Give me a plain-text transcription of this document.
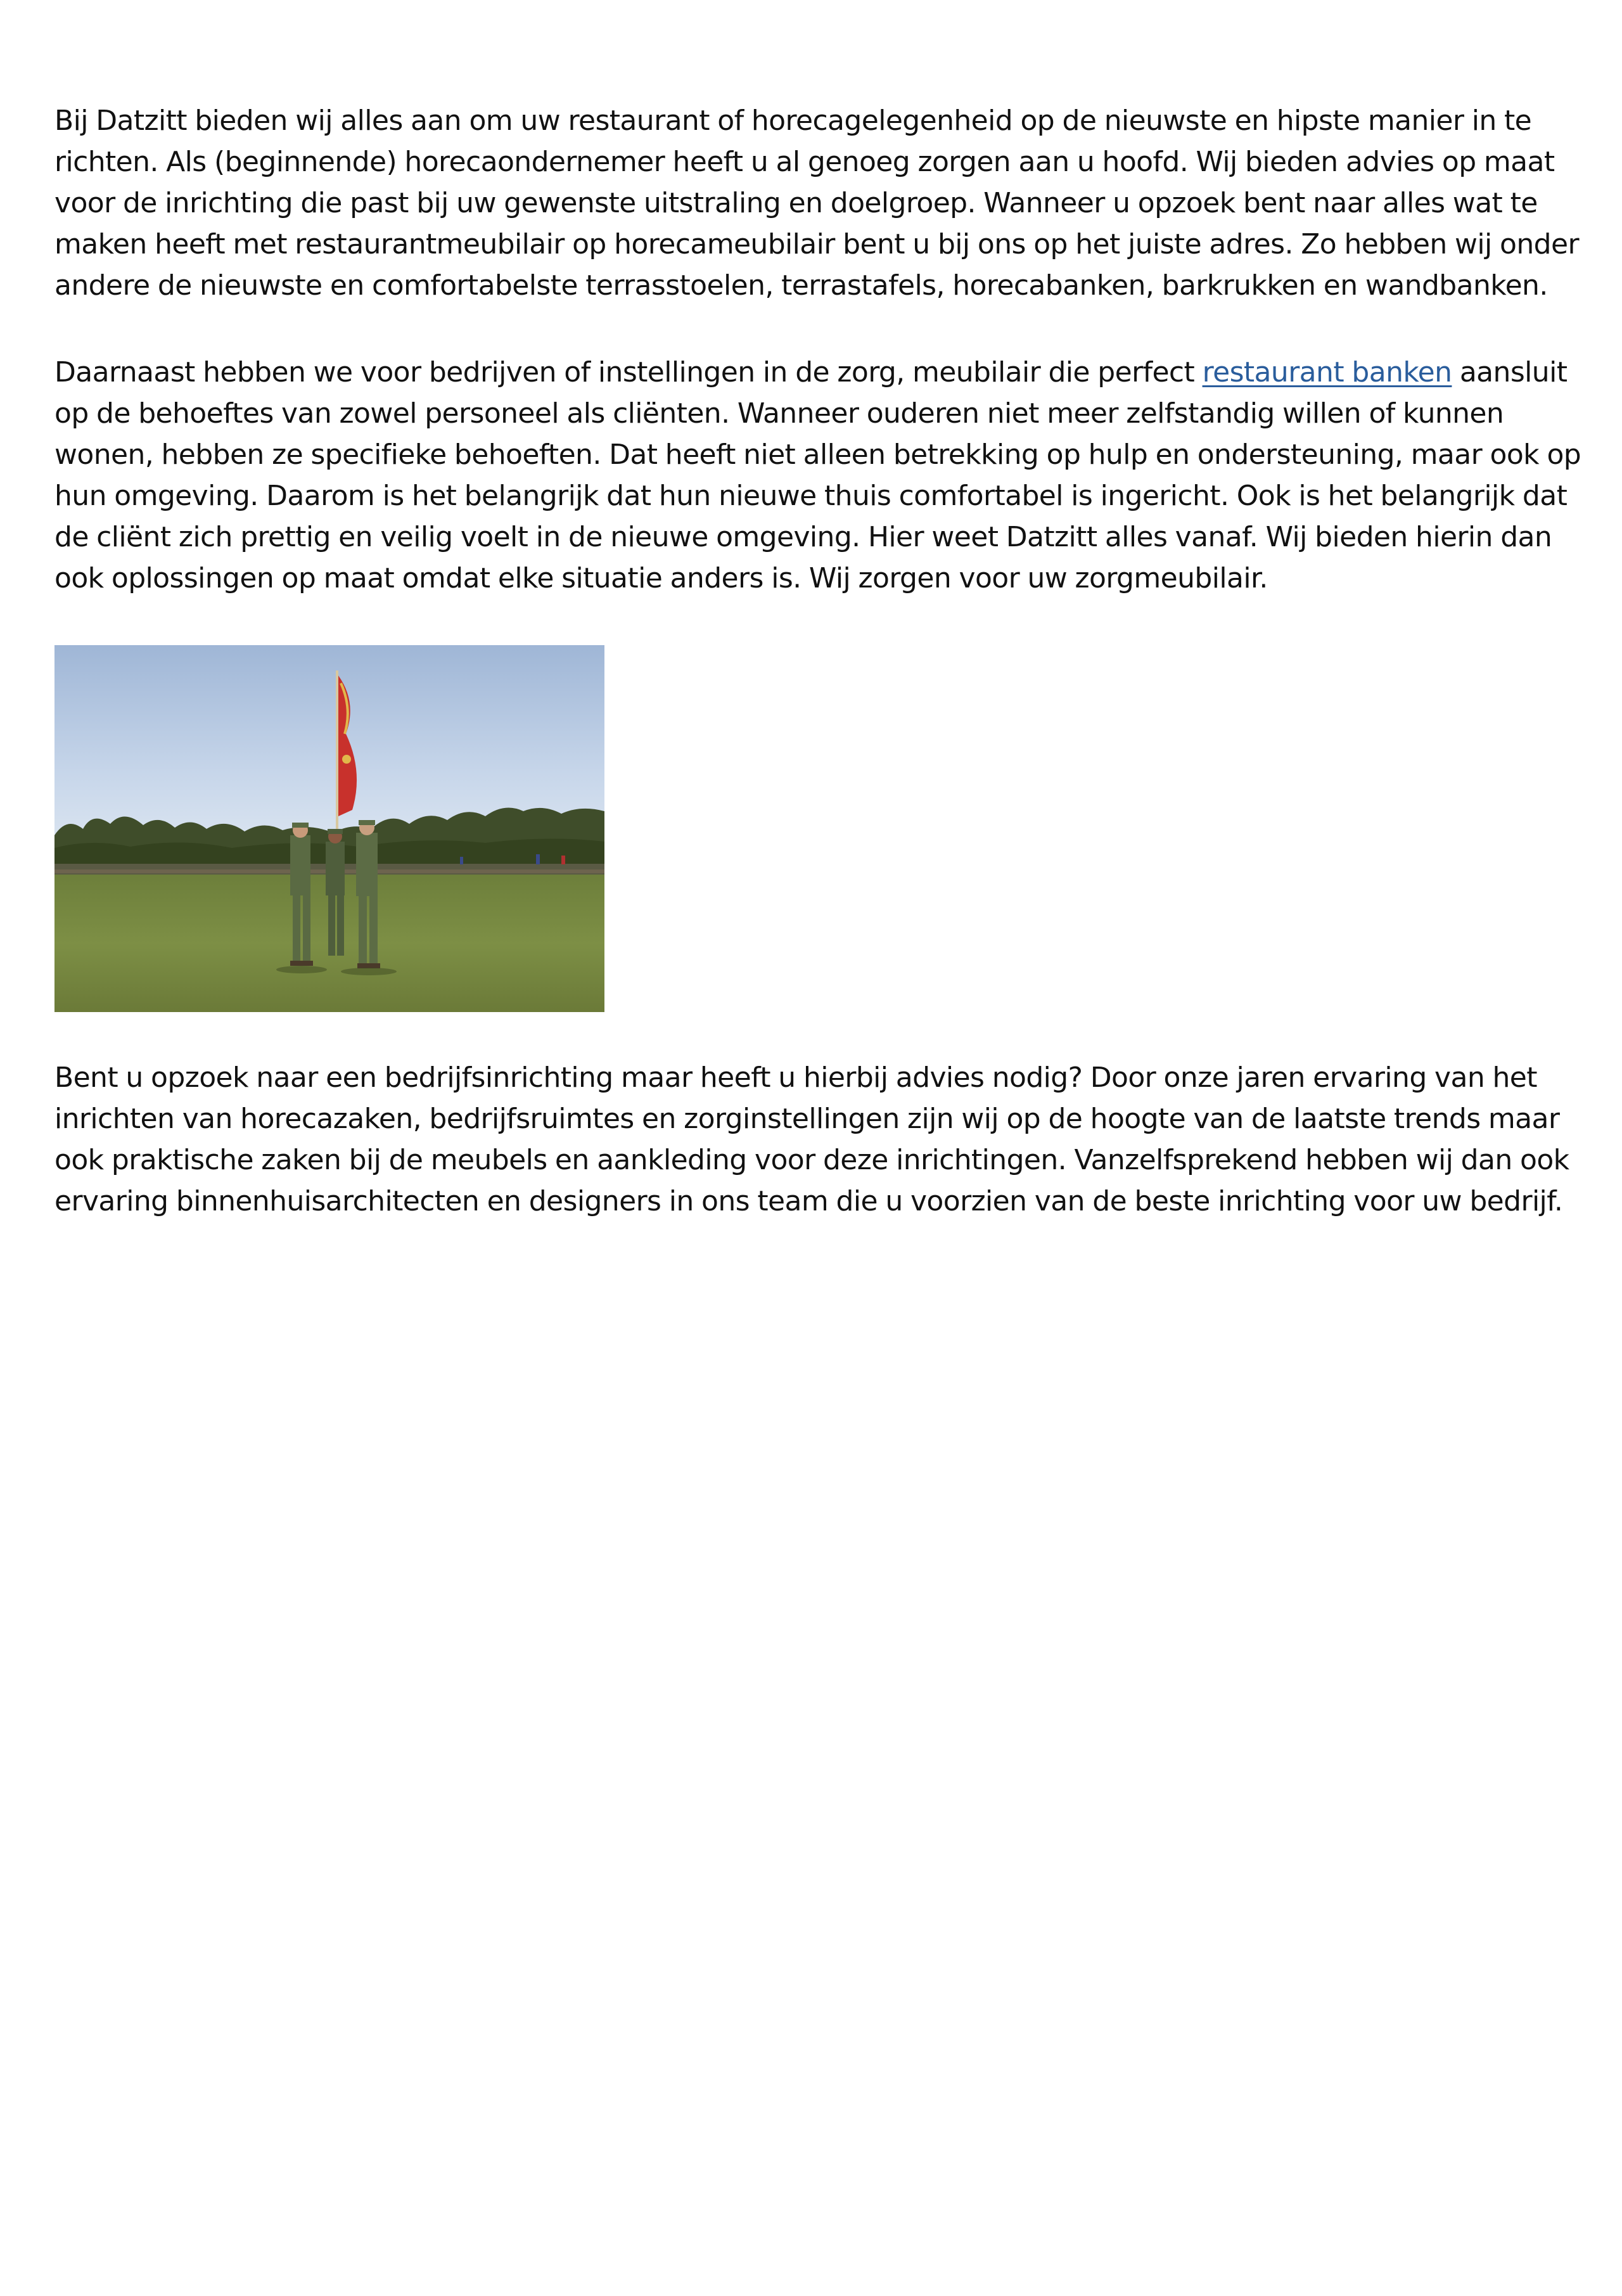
Bij Datzitt bieden wij alles aan om uw restaurant of horecagelegenheid op de nieuwste en hipste manier in te richten. Als (beginnende) horecaondernemer heeft u al genoeg zorgen aan u hoofd. Wij bieden advies op maat voor de inrichting die past bij uw gewenste uitstraling en doelgroep. Wanneer u opzoek bent naar alles wat te maken heeft met restaurantmeubilair op horecameubilair bent u bij ons op het juiste adres. Zo hebben wij onder andere de nieuwste en comfortabelste terrasstoelen, terrastafels, horecabanken, barkrukken en wandbanken.

Daarnaast hebben we voor bedrijven of instellingen in de zorg, meubilair die perfect restaurant banken aansluit op de behoeftes van zowel personeel als cliënten. Wanneer ouderen niet meer zelfstandig willen of kunnen wonen, hebben ze specifieke behoeften. Dat heeft niet alleen betrekking op hulp en ondersteuning, maar ook op hun omgeving. Daarom is het belangrijk dat hun nieuwe thuis comfortabel is ingericht. Ook is het belangrijk dat de cliënt zich prettig en veilig voelt in de nieuwe omgeving. Hier weet Datzitt alles vanaf. Wij bieden hierin dan ook oplossingen op maat omdat elke situatie anders is. Wij zorgen voor uw zorgmeubilair.

Bent u opzoek naar een bedrijfsinrichting maar heeft u hierbij advies nodig? Door onze jaren ervaring van het inrichten van horecazaken, bedrijfsruimtes en zorginstellingen zijn wij op de hoogte van de laatste trends maar ook praktische zaken bij de meubels en aankleding voor deze inrichtingen. Vanzelfsprekend hebben wij dan ook ervaring binnenhuisarchitecten en designers in ons team die u voorzien van de beste inrichting voor uw bedrijf.
